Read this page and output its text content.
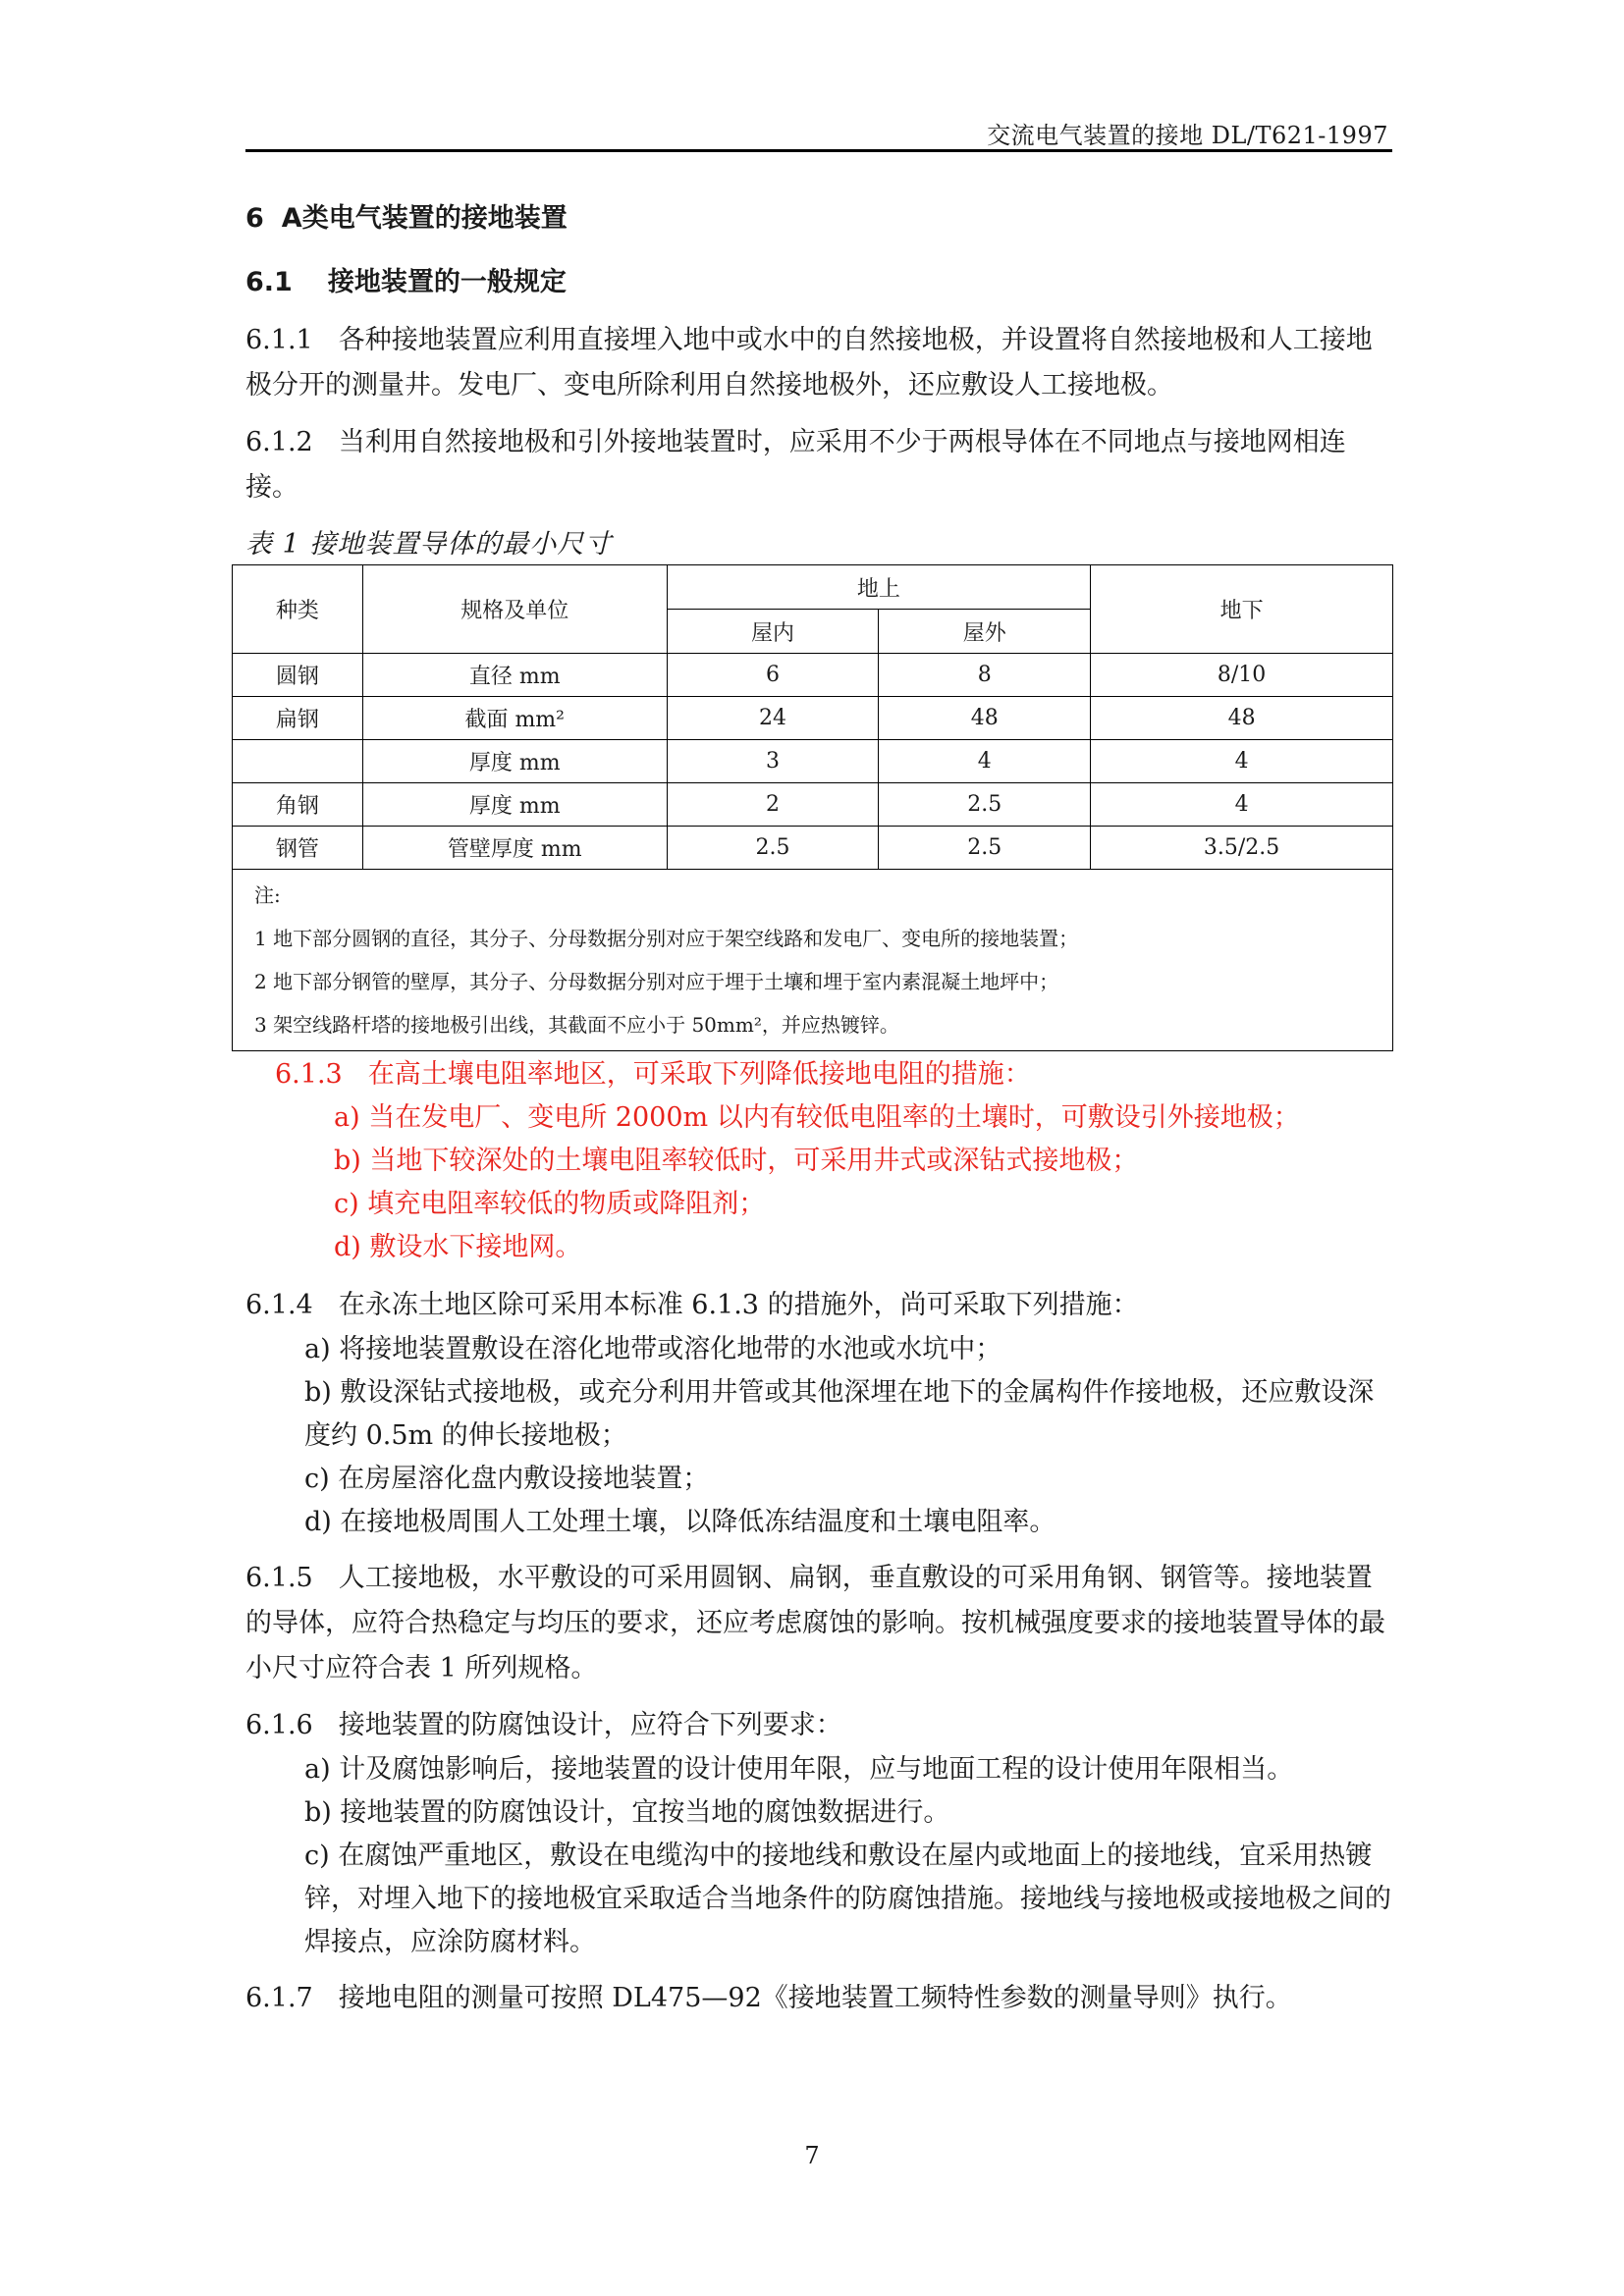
交流电气装置的接地 DL/T621-1997
6 A类电气装置的接地装置
6.1 接地装置的一般规定

6.1.1 各种接地装置应利用直接埋入地中或水中的自然接地极，并设置将自然接地极和人工接地极分开的测量井。发电厂、变电所除利用自然接地极外，还应敷设人工接地极。

6.1.2 当利用自然接地极和引外接地装置时，应采用不少于两根导体在不同地点与接地网相连接。

表 1 接地装置导体的最小尺寸
种类	规格及单位	地上		地下
		屋内	屋外	
圆钢	直径 mm	6	8	8/10
扁钢	截面 mm²	24	48	48
	厚度 mm	3	4	4
角钢	厚度 mm	2	2.5	4
钢管	管壁厚度 mm	2.5	2.5	3.5/2.5

注:
1 地下部分圆钢的直径，其分子、分母数据分别对应于架空线路和发电厂、变电所的接地装置；
2 地下部分钢管的壁厚，其分子、分母数据分别对应于埋于土壤和埋于室内素混凝土地坪中；
3 架空线路杆塔的接地极引出线，其截面不应小于 50mm²，并应热镀锌。				
6.1.3 在高土壤电阻率地区，可采取下列降低接地电阻的措施：
a) 当在发电厂、变电所 2000m 以内有较低电阻率的土壤时，可敷设引外接地极；
b) 当地下较深处的土壤电阻率较低时，可采用井式或深钻式接地极；
c) 填充电阻率较低的物质或降阻剂；
d) 敷设水下接地网。
6.1.4 在永冻土地区除可采用本标准 6.1.3 的措施外，尚可采取下列措施：
a) 将接地装置敷设在溶化地带或溶化地带的水池或水坑中；
b) 敷设深钻式接地极，或充分利用井管或其他深埋在地下的金属构件作接地极，还应敷设深度约 0.5m 的伸长接地极；
c) 在房屋溶化盘内敷设接地装置；
d) 在接地极周围人工处理土壤，以降低冻结温度和土壤电阻率。

6.1.5 人工接地极，水平敷设的可采用圆钢、扁钢，垂直敷设的可采用角钢、钢管等。接地装置的导体，应符合热稳定与均压的要求，还应考虑腐蚀的影响。按机械强度要求的接地装置导体的最小尺寸应符合表 1 所列规格。

6.1.6 接地装置的防腐蚀设计，应符合下列要求：
a) 计及腐蚀影响后，接地装置的设计使用年限，应与地面工程的设计使用年限相当。
b) 接地装置的防腐蚀设计，宜按当地的腐蚀数据进行。
c) 在腐蚀严重地区，敷设在电缆沟中的接地线和敷设在屋内或地面上的接地线，宜采用热镀锌，对埋入地下的接地极宜采取适合当地条件的防腐蚀措施。接地线与接地极或接地极之间的焊接点，应涂防腐材料。

6.1.7 接地电阻的测量可按照 DL475—92《接地装置工频特性参数的测量导则》执行。

7
